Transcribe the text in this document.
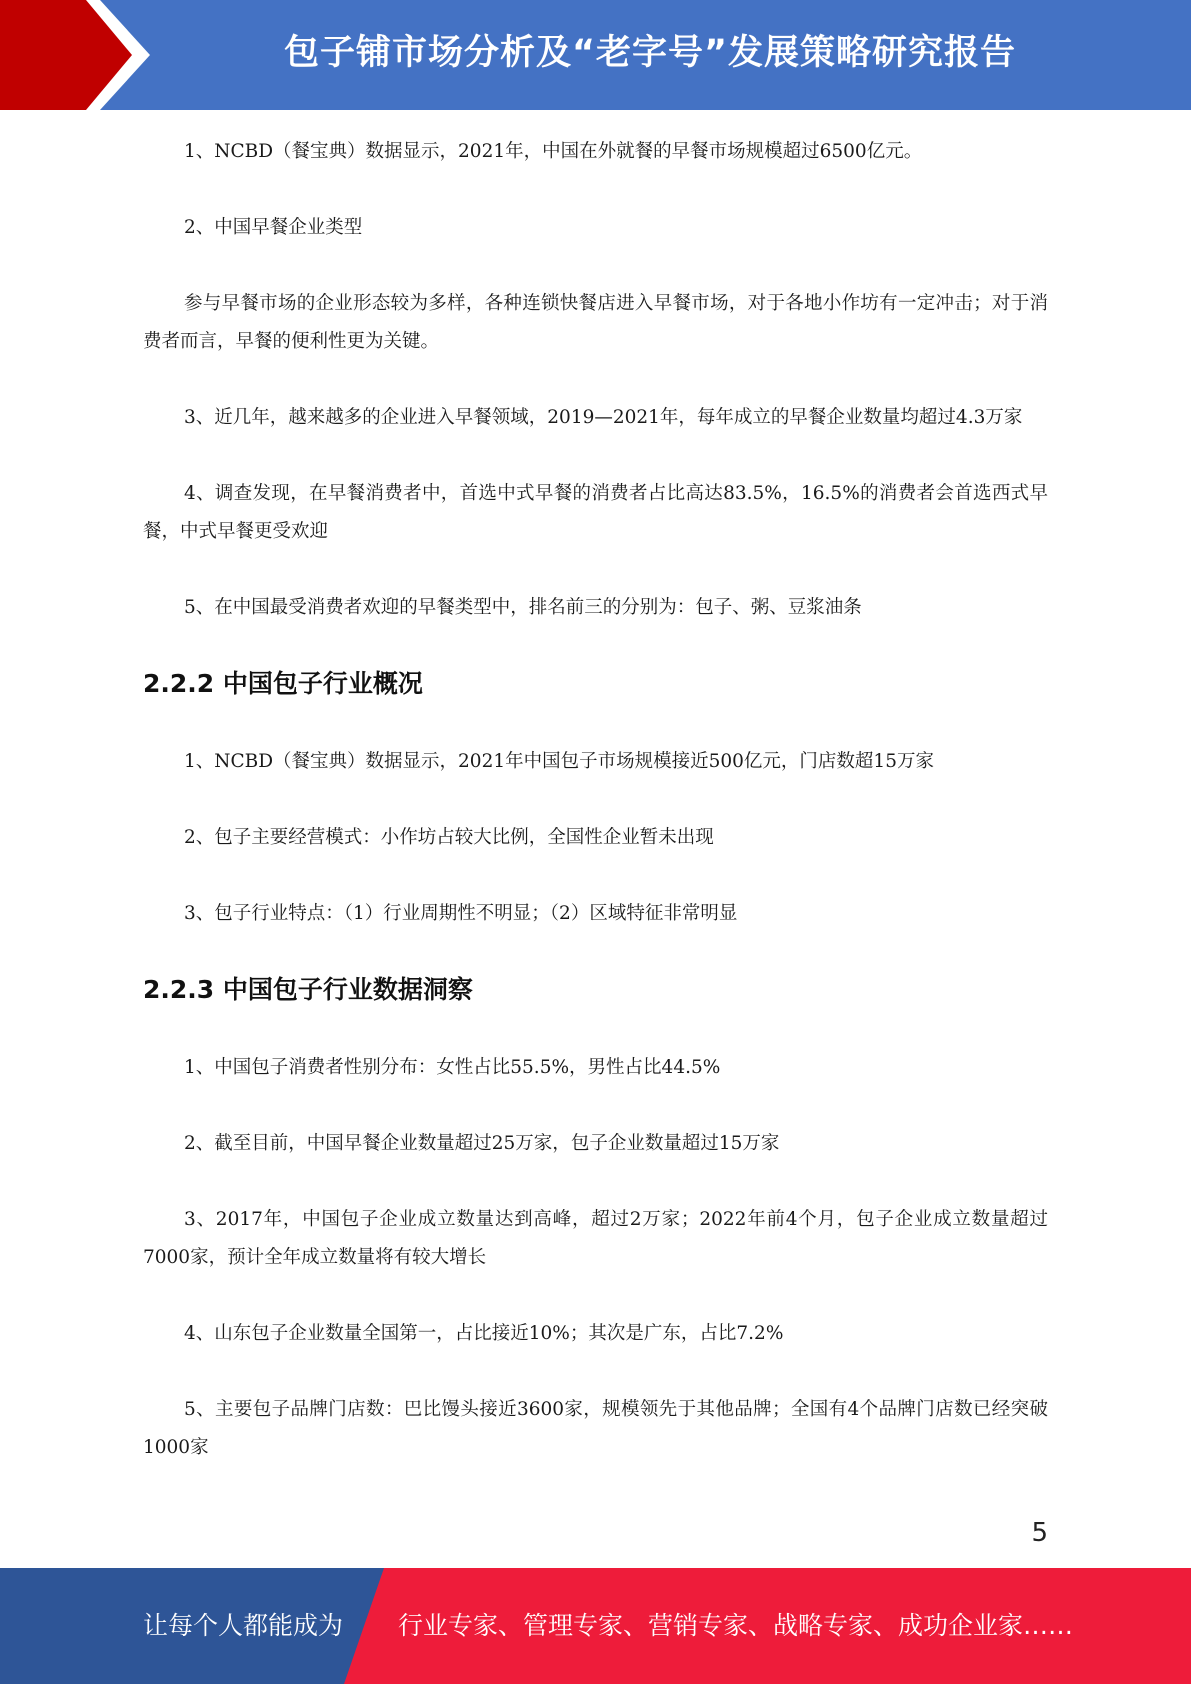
包子铺市场分析及“老字号”发展策略研究报告

1、NCBD（餐宝典）数据显示，2021年，中国在外就餐的早餐市场规模超过6500亿元。

2、中国早餐企业类型

参与早餐市场的企业形态较为多样，各种连锁快餐店进入早餐市场，对于各地小作坊有一定冲击；对于消费者而言，早餐的便利性更为关键。

3、近几年，越来越多的企业进入早餐领域，2019—2021年，每年成立的早餐企业数量均超过4.3万家

4、调查发现，在早餐消费者中，首选中式早餐的消费者占比高达83.5%，16.5%的消费者会首选西式早餐，中式早餐更受欢迎

5、在中国最受消费者欢迎的早餐类型中，排名前三的分别为：包子、粥、豆浆油条

2.2.2 中国包子行业概况

1、NCBD（餐宝典）数据显示，2021年中国包子市场规模接近500亿元，门店数超15万家

2、包子主要经营模式：小作坊占较大比例，全国性企业暂未出现

3、包子行业特点：（1）行业周期性不明显；（2）区域特征非常明显

2.2.3 中国包子行业数据洞察

1、中国包子消费者性别分布：女性占比55.5%，男性占比44.5%

2、截至目前，中国早餐企业数量超过25万家，包子企业数量超过15万家

3、2017年，中国包子企业成立数量达到高峰，超过2万家；2022年前4个月，包子企业成立数量超过7000家，预计全年成立数量将有较大增长

4、山东包子企业数量全国第一，占比接近10%；其次是广东，占比7.2%

5、主要包子品牌门店数：巴比馒头接近3600家，规模领先于其他品牌；全国有4个品牌门店数已经突破1000家

5
让每个人都能成为 行业专家、管理专家、营销专家、战略专家、成功企业家……
